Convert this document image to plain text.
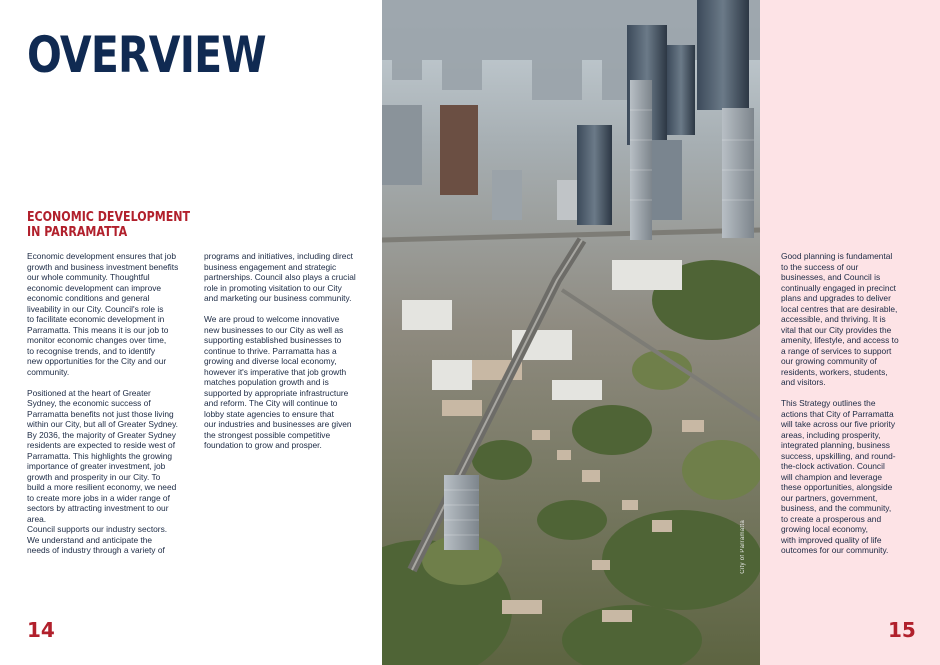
OVERVIEW
ECONOMIC DEVELOPMENT
IN PARRAMATTA

Economic development ensures that job
growth and business investment benefits
our whole community. Thoughtful
economic development can improve
economic conditions and general
liveability in our City. Council's role is
to facilitate economic development in
Parramatta. This means it is our job to
monitor economic changes over time,
to recognise trends, and to identify
new opportunities for the City and our
community.

Positioned at the heart of Greater
Sydney, the economic success of
Parramatta benefits not just those living
within our City, but all of Greater Sydney.
By 2036, the majority of Greater Sydney
residents are expected to reside west of
Parramatta. This highlights the growing
importance of greater investment, job
growth and prosperity in our City. To
build a more resilient economy, we need
to create more jobs in a wider range of
sectors by attracting investment to our
area.
Council supports our industry sectors.
We understand and anticipate the
needs of industry through a variety of

programs and initiatives, including direct
business engagement and strategic
partnerships. Council also plays a crucial
role in promoting visitation to our City
and marketing our business community.

We are proud to welcome innovative
new businesses to our City as well as
supporting established businesses to
continue to thrive. Parramatta has a
growing and diverse local economy,
however it's imperative that job growth
matches population growth and is
supported by appropriate infrastructure
and reform. The City will continue to
lobby state agencies to ensure that
our industries and businesses are given
the strongest possible competitive
foundation to grow and prosper.

14

City of Parramatta

Good planning is fundamental
to the success of our
businesses, and Council is
continually engaged in precinct
plans and upgrades to deliver
local centres that are desirable,
accessible, and thriving. It is
vital that our City provides the
amenity, lifestyle, and access to
a range of services to support
our growing community of
residents, workers, students,
and visitors.

This Strategy outlines the
actions that City of Parramatta
will take across our five priority
areas, including prosperity,
integrated planning, business
success, upskilling, and round-
the-clock activation. Council
will champion and leverage
these opportunities, alongside
our partners, government,
business, and the community,
to create a prosperous and
growing local economy,
with improved quality of life
outcomes for our community.

15
